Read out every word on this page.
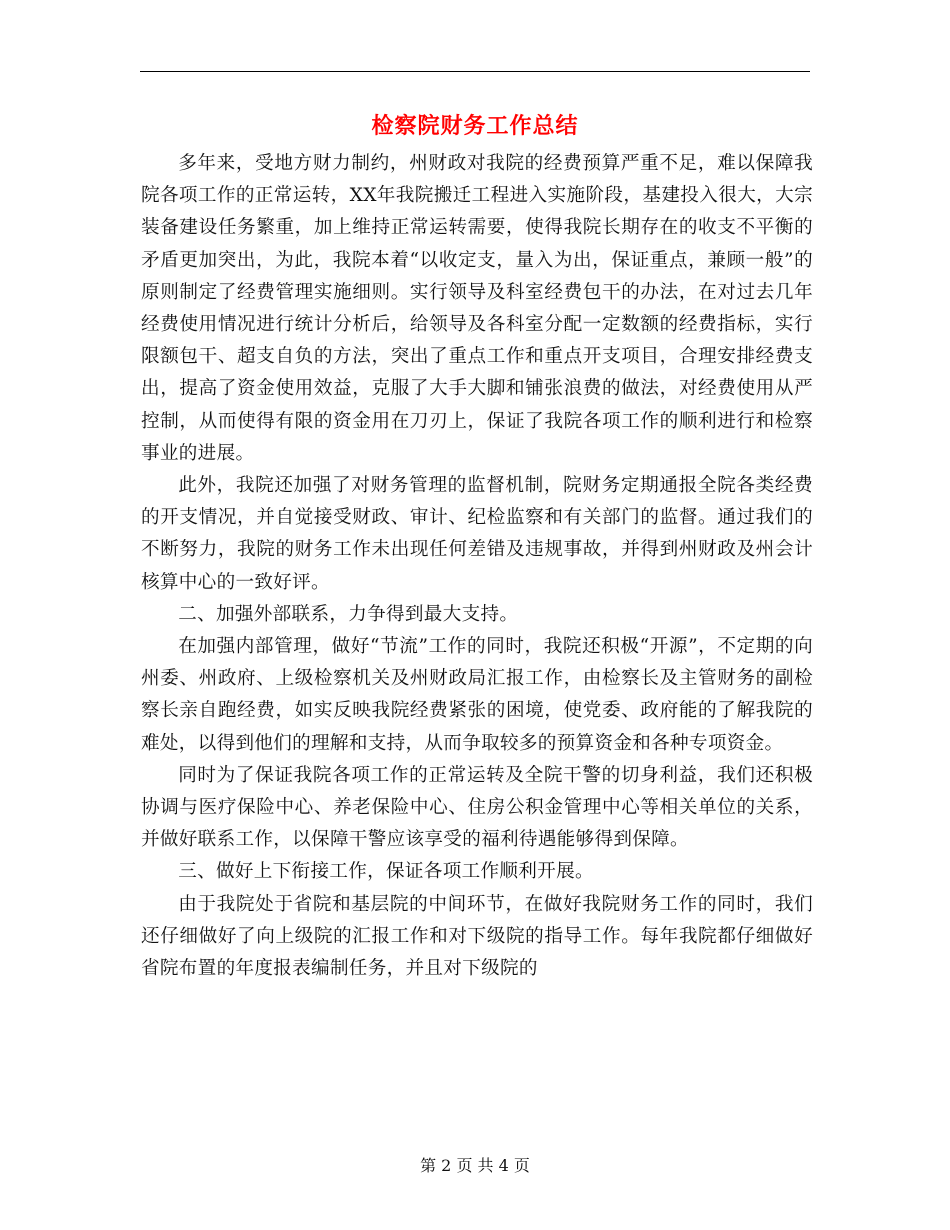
检察院财务工作总结

多年来，受地方财力制约，州财政对我院的经费预算严重不足，难以保障我院各项工作的正常运转，XX年我院搬迁工程进入实施阶段，基建投入很大，大宗装备建设任务繁重，加上维持正常运转需要，使得我院长期存在的收支不平衡的矛盾更加突出，为此，我院本着“以收定支，量入为出，保证重点，兼顾一般”的原则制定了经费管理实施细则。实行领导及科室经费包干的办法，在对过去几年经费使用情况进行统计分析后，给领导及各科室分配一定数额的经费指标，实行限额包干、超支自负的方法，突出了重点工作和重点开支项目，合理安排经费支出，提高了资金使用效益，克服了大手大脚和铺张浪费的做法，对经费使用从严控制，从而使得有限的资金用在刀刃上，保证了我院各项工作的顺利进行和检察事业的进展。

此外，我院还加强了对财务管理的监督机制，院财务定期通报全院各类经费的开支情况，并自觉接受财政、审计、纪检监察和有关部门的监督。通过我们的不断努力，我院的财务工作未出现任何差错及违规事故，并得到州财政及州会计核算中心的一致好评。

二、加强外部联系，力争得到最大支持。

在加强内部管理，做好“节流”工作的同时，我院还积极“开源”，不定期的向州委、州政府、上级检察机关及州财政局汇报工作，由检察长及主管财务的副检察长亲自跑经费，如实反映我院经费紧张的困境，使党委、政府能的了解我院的难处，以得到他们的理解和支持，从而争取较多的预算资金和各种专项资金。

同时为了保证我院各项工作的正常运转及全院干警的切身利益，我们还积极协调与医疗保险中心、养老保险中心、住房公积金管理中心等相关单位的关系，并做好联系工作，以保障干警应该享受的福利待遇能够得到保障。

三、做好上下衔接工作，保证各项工作顺利开展。

由于我院处于省院和基层院的中间环节，在做好我院财务工作的同时，我们还仔细做好了向上级院的汇报工作和对下级院的指导工作。每年我院都仔细做好省院布置的年度报表编制任务，并且对下级院的

第 2 页 共 4 页
